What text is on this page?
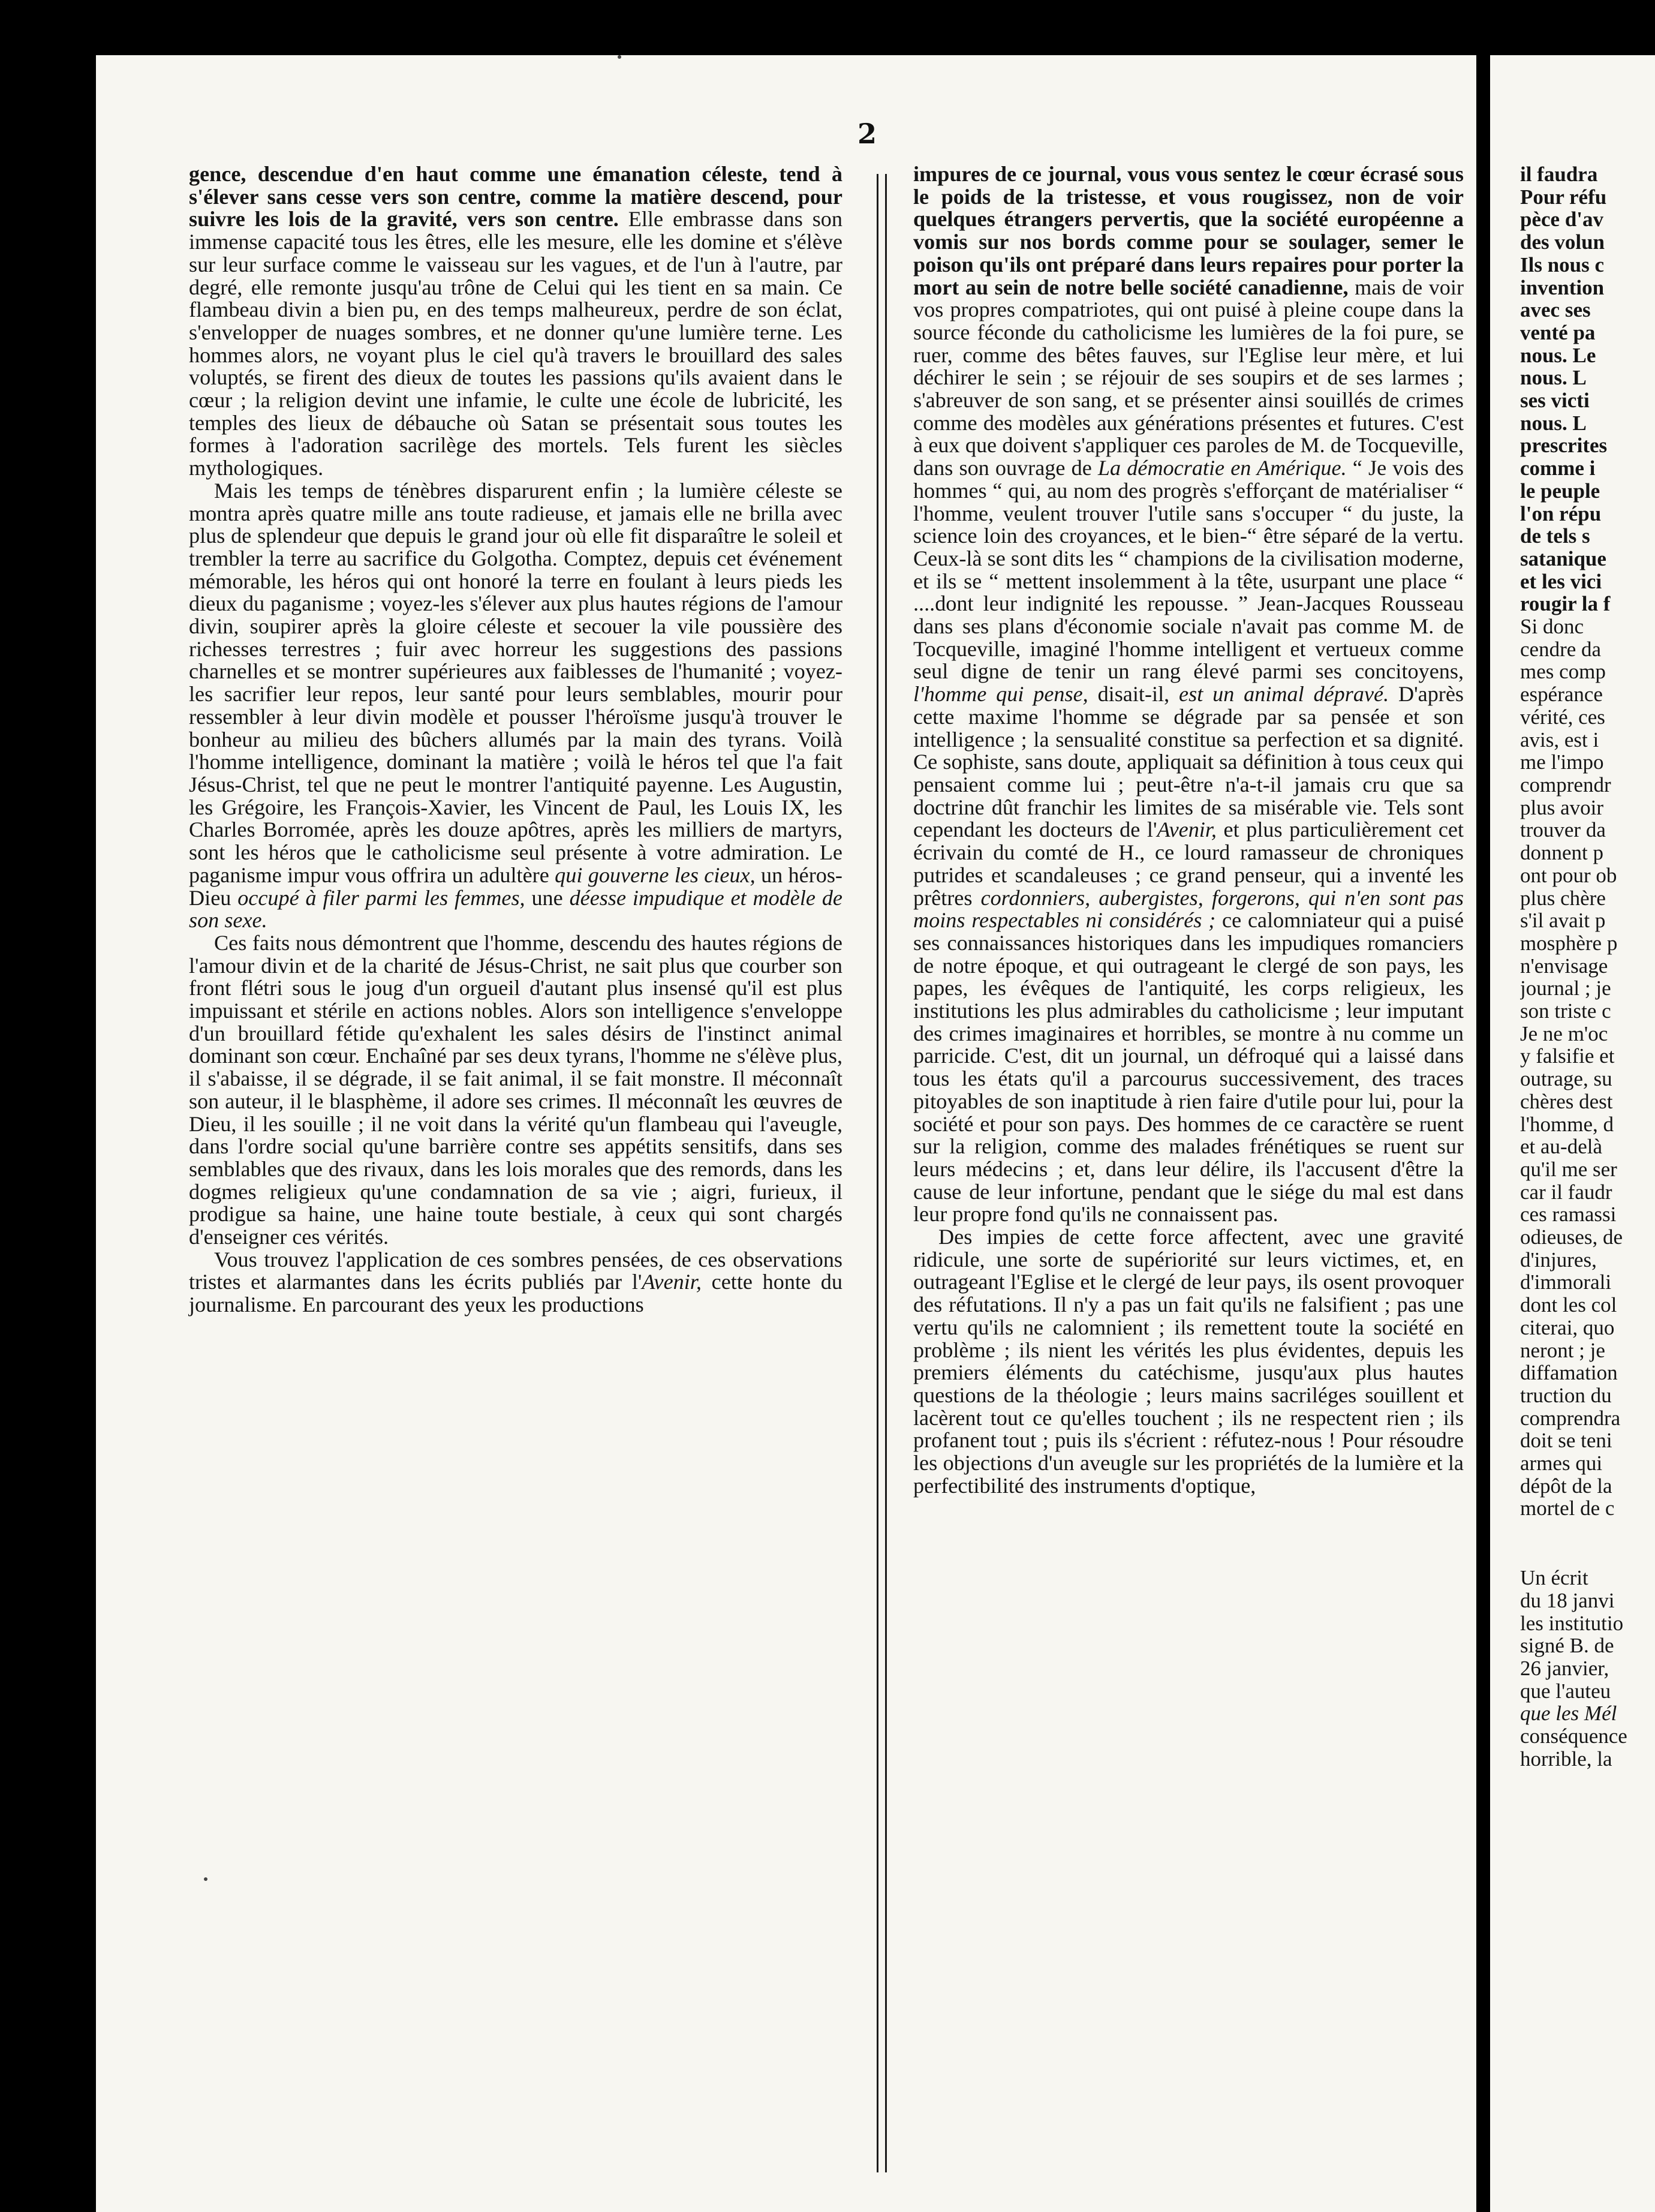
2

gence, descendue d'en haut comme une émanation céleste, tend à s'élever sans cesse vers son centre, comme la matière descend, pour suivre les lois de la gravité, vers son centre. Elle embrasse dans son immense capacité tous les êtres, elle les mesure, elle les domine et s'élève sur leur surface comme le vaisseau sur les vagues, et de l'un à l'autre, par degré, elle remonte jusqu'au trône de Celui qui les tient en sa main. Ce flambeau divin a bien pu, en des temps malheureux, perdre de son éclat, s'envelopper de nuages sombres, et ne donner qu'une lumière terne. Les hommes alors, ne voyant plus le ciel qu'à travers le brouillard des sales voluptés, se firent des dieux de toutes les passions qu'ils avaient dans le cœur ; la religion devint une infamie, le culte une école de lubricité, les temples des lieux de débauche où Satan se présentait sous toutes les formes à l'adoration sacrilège des mortels. Tels furent les siècles mythologiques.

Mais les temps de ténèbres disparurent enfin ; la lumière céleste se montra après quatre mille ans toute radieuse, et jamais elle ne brilla avec plus de splendeur que depuis le grand jour où elle fit disparaître le soleil et trembler la terre au sacrifice du Golgotha. Comptez, depuis cet événement mémorable, les héros qui ont honoré la terre en foulant à leurs pieds les dieux du paganisme ; voyez-les s'élever aux plus hautes régions de l'amour divin, soupirer après la gloire céleste et secouer la vile poussière des richesses terrestres ; fuir avec horreur les suggestions des passions charnelles et se montrer supérieures aux faiblesses de l'humanité ; voyez-les sacrifier leur repos, leur santé pour leurs semblables, mourir pour ressembler à leur divin modèle et pousser l'héroïsme jusqu'à trouver le bonheur au milieu des bûchers allumés par la main des tyrans. Voilà l'homme intelligence, dominant la matière ; voilà le héros tel que l'a fait Jésus-Christ, tel que ne peut le montrer l'antiquité payenne. Les Augustin, les Grégoire, les François-Xavier, les Vincent de Paul, les Louis IX, les Charles Borromée, après les douze apôtres, après les milliers de martyrs, sont les héros que le catholicisme seul présente à votre admiration. Le paganisme impur vous offrira un adultère qui gouverne les cieux, un héros-Dieu occupé à filer parmi les femmes, une déesse impudique et modèle de son sexe.

Ces faits nous démontrent que l'homme, descendu des hautes régions de l'amour divin et de la charité de Jésus-Christ, ne sait plus que courber son front flétri sous le joug d'un orgueil d'autant plus insensé qu'il est plus impuissant et stérile en actions nobles. Alors son intelligence s'enveloppe d'un brouillard fétide qu'exhalent les sales désirs de l'instinct animal dominant son cœur. Enchaîné par ses deux tyrans, l'homme ne s'élève plus, il s'abaisse, il se dégrade, il se fait animal, il se fait monstre. Il méconnaît son auteur, il le blasphème, il adore ses crimes. Il méconnaît les œuvres de Dieu, il les souille ; il ne voit dans la vérité qu'un flambeau qui l'aveugle, dans l'ordre social qu'une barrière contre ses appétits sensitifs, dans ses semblables que des rivaux, dans les lois morales que des remords, dans les dogmes religieux qu'une condamnation de sa vie ; aigri, furieux, il prodigue sa haine, une haine toute bestiale, à ceux qui sont chargés d'enseigner ces vérités.

Vous trouvez l'application de ces sombres pensées, de ces observations tristes et alarmantes dans les écrits publiés par l'Avenir, cette honte du journalisme. En parcourant des yeux les productions

impures de ce journal, vous vous sentez le cœur écrasé sous le poids de la tristesse, et vous rougissez, non de voir quelques étrangers pervertis, que la société européenne a vomis sur nos bords comme pour se soulager, semer le poison qu'ils ont préparé dans leurs repaires pour porter la mort au sein de notre belle société canadienne, mais de voir vos propres compatriotes, qui ont puisé à pleine coupe dans la source féconde du catholicisme les lumières de la foi pure, se ruer, comme des bêtes fauves, sur l'Eglise leur mère, et lui déchirer le sein ; se réjouir de ses soupirs et de ses larmes ; s'abreuver de son sang, et se présenter ainsi souillés de crimes comme des modèles aux générations présentes et futures. C'est à eux que doivent s'appliquer ces paroles de M. de Tocqueville, dans son ouvrage de La démocratie en Amérique. “ Je vois des hommes “ qui, au nom des progrès s'efforçant de matérialiser “ l'homme, veulent trouver l'utile sans s'occuper “ du juste, la science loin des croyances, et le bien-“ être séparé de la vertu. Ceux-là se sont dits les “ champions de la civilisation moderne, et ils se “ mettent insolemment à la tête, usurpant une place “ ....dont leur indignité les repousse. ” Jean-Jacques Rousseau dans ses plans d'économie sociale n'avait pas comme M. de Tocqueville, imaginé l'homme intelligent et vertueux comme seul digne de tenir un rang élevé parmi ses concitoyens, l'homme qui pense, disait-il, est un animal dépravé. D'après cette maxime l'homme se dégrade par sa pensée et son intelligence ; la sensualité constitue sa perfection et sa dignité. Ce sophiste, sans doute, appliquait sa définition à tous ceux qui pensaient comme lui ; peut-être n'a-t-il jamais cru que sa doctrine dût franchir les limites de sa misérable vie. Tels sont cependant les docteurs de l'Avenir, et plus particulièrement cet écrivain du comté de H., ce lourd ramasseur de chroniques putrides et scandaleuses ; ce grand penseur, qui a inventé les prêtres cordonniers, aubergistes, forgerons, qui n'en sont pas moins respectables ni considérés ; ce calomniateur qui a puisé ses connaissances historiques dans les impudiques romanciers de notre époque, et qui outrageant le clergé de son pays, les papes, les évêques de l'antiquité, les corps religieux, les institutions les plus admirables du catholicisme ; leur imputant des crimes imaginaires et horribles, se montre à nu comme un parricide. C'est, dit un journal, un défroqué qui a laissé dans tous les états qu'il a parcourus successivement, des traces pitoyables de son inaptitude à rien faire d'utile pour lui, pour la société et pour son pays. Des hommes de ce caractère se ruent sur la religion, comme des malades frénétiques se ruent sur leurs médecins ; et, dans leur délire, ils l'accusent d'être la cause de leur infortune, pendant que le siége du mal est dans leur propre fond qu'ils ne connaissent pas.

Des impies de cette force affectent, avec une gravité ridicule, une sorte de supériorité sur leurs victimes, et, en outrageant l'Eglise et le clergé de leur pays, ils osent provoquer des réfutations. Il n'y a pas un fait qu'ils ne falsifient ; pas une vertu qu'ils ne calomnient ; ils remettent toute la société en problème ; ils nient les vérités les plus évidentes, depuis les premiers éléments du catéchisme, jusqu'aux plus hautes questions de la théologie ; leurs mains sacriléges souillent et lacèrent tout ce qu'elles touchent ; ils ne respectent rien ; ils profanent tout ; puis ils s'écrient : réfutez-nous ! Pour résoudre les objections d'un aveugle sur les propriétés de la lumière et la perfectibilité des instruments d'optique,

il faudra

Pour réfu

pèce d'av

des volun

Ils nous c

invention

avec ses

venté pa

nous. Le

nous. L

ses victi

nous. L

prescrites

comme i

le peuple

l'on répu

de tels s

satanique

et les vici

rougir la f

Si donc

cendre da

mes comp

espérance

vérité, ces

avis, est i

me l'impo

comprendr

plus avoir

trouver da

donnent p

ont pour ob

plus chère

s'il avait p

mosphère p

n'envisage

journal ; je

son triste c

Je ne m'oc

y falsifie et

outrage, su

chères dest

l'homme, d

et au-delà

qu'il me ser

car il faudr

ces ramassi

odieuses, de

d'injures,

d'immorali

dont les col

citerai, quo

neront ; je

diffamation

truction du

comprendra

doit se teni

armes qui

dépôt de la

mortel de c

Un écrit

du 18 janvi

les institutio

signé B. de

26 janvier,

que l'auteu

que les Mél

conséquence

horrible, la
